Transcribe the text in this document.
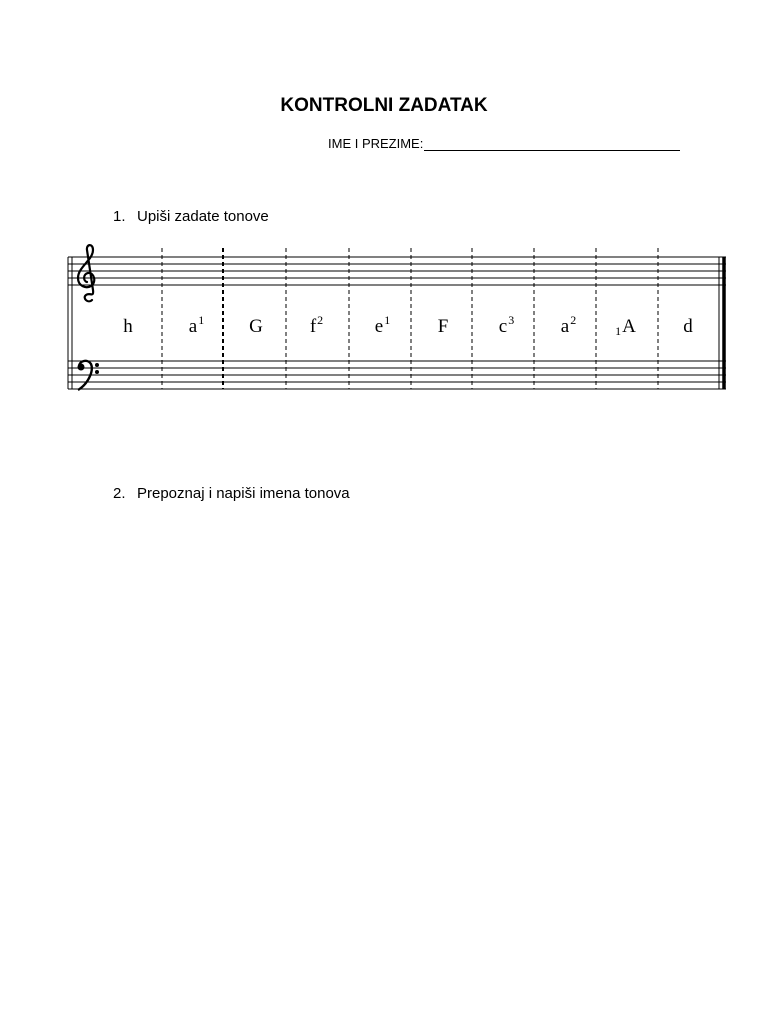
KONTROLNI ZADATAK
IME I PREZIME:
1. Upiši zadate tonove
h	$a^1$ G $f^2$	$e^1$ F	$c^3$ $a^2$
$_1$A d
2. Prepoznaj i napiši imena tonova
